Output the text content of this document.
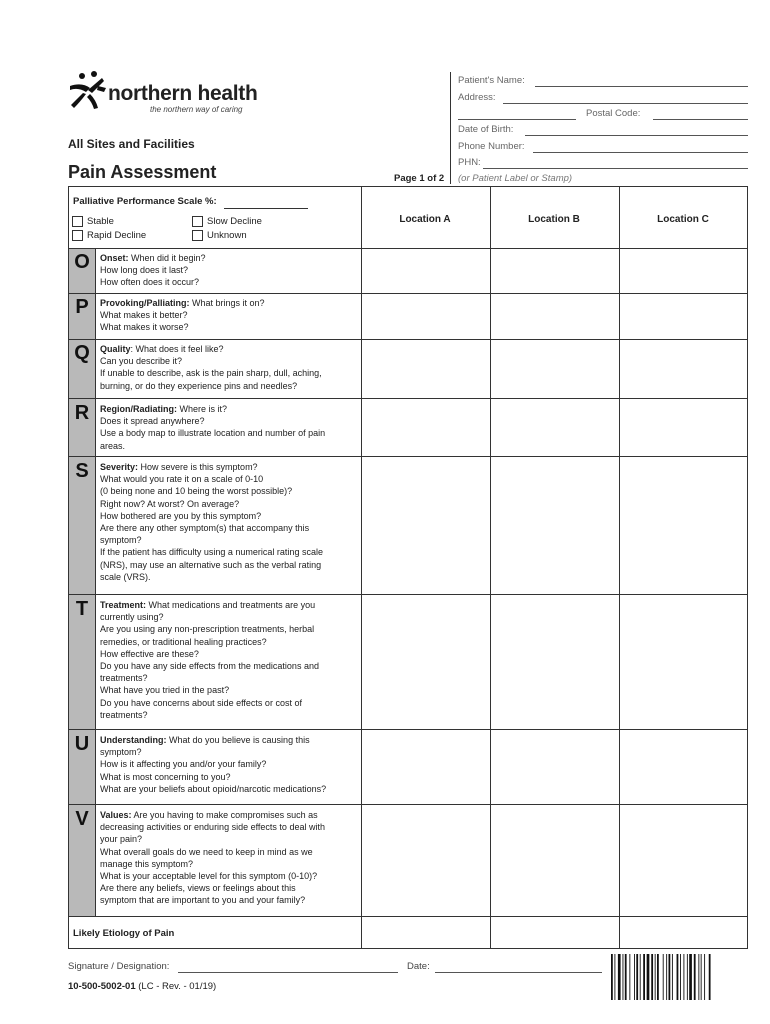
northern health
the northern way of caring
All Sites and Facilities
Pain Assessment	Page 1 of 2
Patient's Name:
Address:
Postal Code:
Date of Birth:
Phone Number:
PHN:
(or Patient Label or Stamp)
Palliative Performance Scale %:
Stable	Slow Decline
Rapid Decline	Unknown
Location A	Location B	Location C
O	Onset: When did it begin?
How long does it last?
How often does it occur?
P	Provoking/Palliating: What brings it on?
What makes it better?
What makes it worse?
Q	Quality: What does it feel like?
Can you describe it?
If unable to describe, ask is the pain sharp, dull, aching,
burning, or do they experience pins and needles?
R	Region/Radiating: Where is it?
Does it spread anywhere?
Use a body map to illustrate location and number of pain
areas.
S	Severity: How severe is this symptom?
What would you rate it on a scale of 0-10
(0 being none and 10 being the worst possible)?
Right now? At worst? On average?
How bothered are you by this symptom?
Are there any other symptom(s) that accompany this
symptom?
If the patient has difficulty using a numerical rating scale
(NRS), may use an alternative such as the verbal rating
scale (VRS).
T	Treatment: What medications and treatments are you
currently using?
Are you using any non-prescription treatments, herbal
remedies, or traditional healing practices?
How effective are these?
Do you have any side effects from the medications and
treatments?
What have you tried in the past?
Do you have concerns about side effects or cost of
treatments?
U	Understanding: What do you believe is causing this
symptom?
How is it affecting you and/or your family?
What is most concerning to you?
What are your beliefs about opioid/narcotic medications?
V	Values: Are you having to make compromises such as
decreasing activities or enduring side effects to deal with
your pain?
What overall goals do we need to keep in mind as we
manage this symptom?
What is your acceptable level for this symptom (0-10)?
Are there any beliefs, views or feelings about this
symptom that are important to you and your family?
Likely Etiology of Pain
Signature / Designation:	Date:
10-500-5002-01 (LC - Rev. - 01/19)
